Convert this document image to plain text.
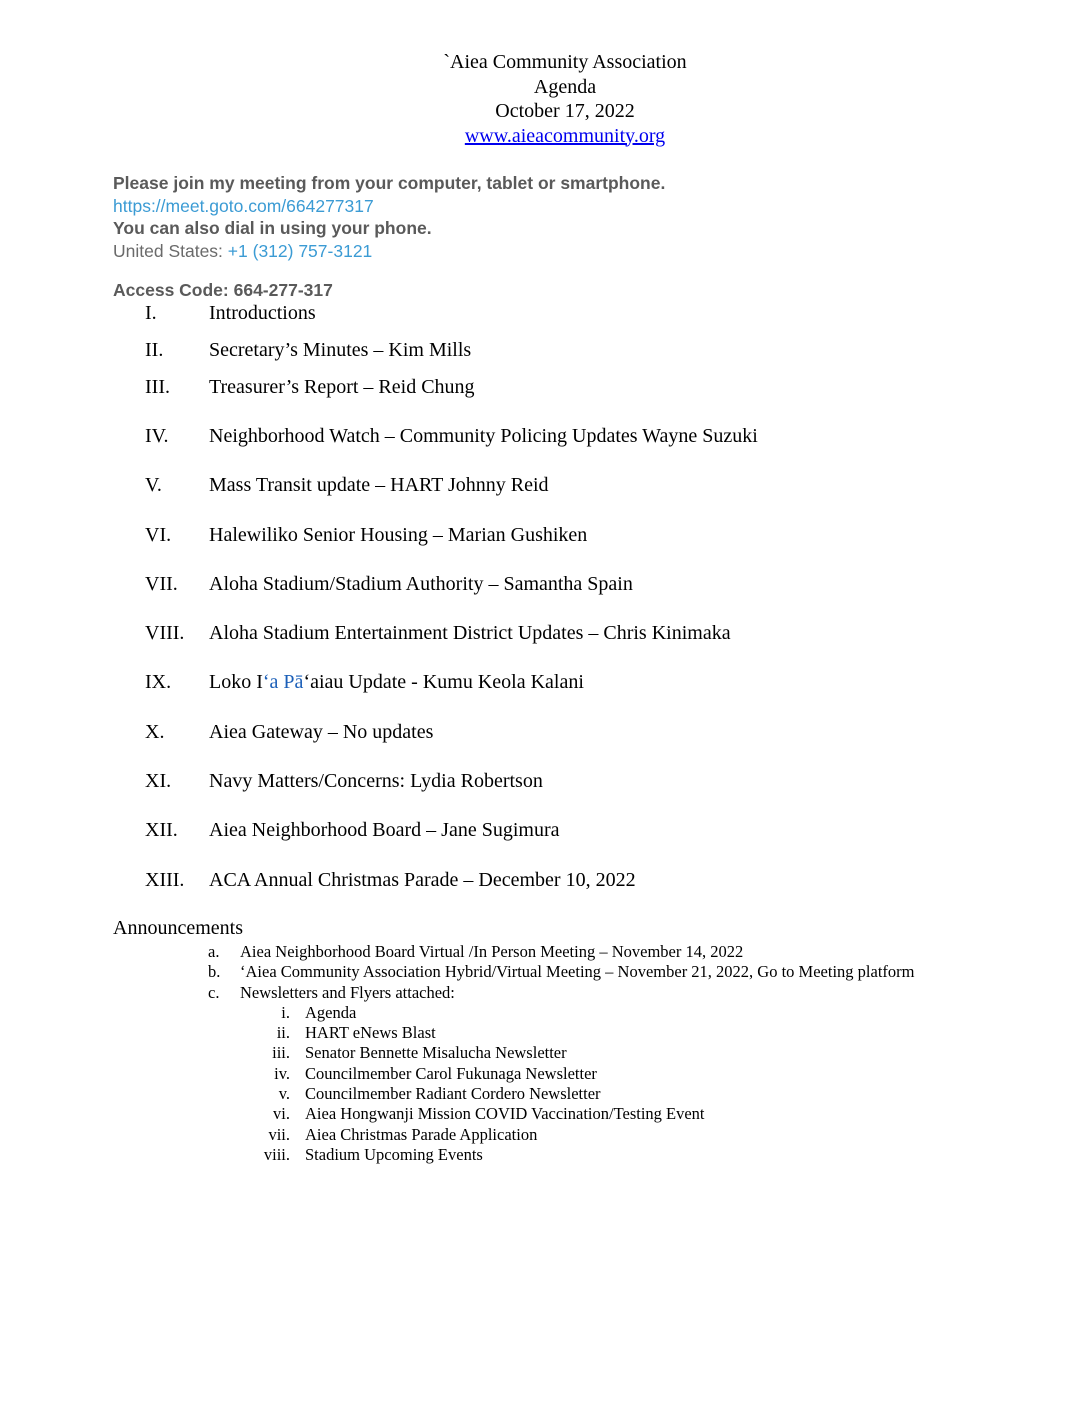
`Aiea Community Association
Agenda
October 17, 2022
www.aieacommunity.org
Please join my meeting from your computer, tablet or smartphone.
https://meet.goto.com/664277317
You can also dial in using your phone.
United States: +1 (312) 757-3121
Access Code: 664-277-317
I.	Introductions
II. Secretary’s Minutes – Kim Mills
III. Treasurer’s Report – Reid Chung
IV. Neighborhood Watch – Community Policing Updates Wayne Suzuki
V. Mass Transit update – HART Johnny Reid
VI. Halewiliko Senior Housing – Marian Gushiken
VII. Aloha Stadium/Stadium Authority – Samantha Spain
VIII. Aloha Stadium Entertainment District Updates – Chris Kinimaka
IX. Loko Iʻa Pāʻaiau Update - Kumu Keola Kalani
X. Aiea Gateway – No updates
XI. Navy Matters/Concerns: Lydia Robertson
XII. Aiea Neighborhood Board – Jane Sugimura
XIII. ACA Annual Christmas Parade – December 10, 2022
Announcements
a. Aiea Neighborhood Board Virtual /In Person Meeting – November 14, 2022
b. ‘Aiea Community Association Hybrid/Virtual Meeting – November 21, 2022, Go to Meeting platform
c. Newsletters and Flyers attached:
i. Agenda
ii. HART eNews Blast
iii. Senator Bennette Misalucha Newsletter
iv. Councilmember Carol Fukunaga Newsletter
v. Councilmember Radiant Cordero Newsletter
vi. Aiea Hongwanji Mission COVID Vaccination/Testing Event
vii. Aiea Christmas Parade Application
viii. Stadium Upcoming Events
